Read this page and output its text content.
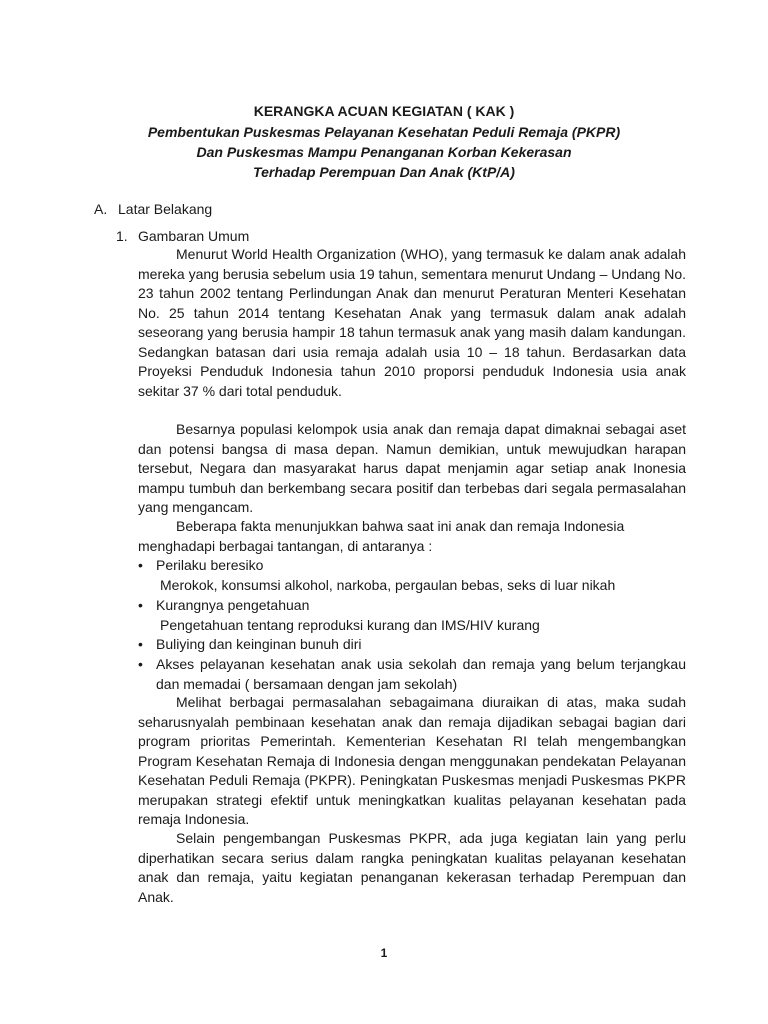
KERANGKA ACUAN KEGIATAN ( KAK )
Pembentukan Puskesmas Pelayanan Kesehatan Peduli Remaja (PKPR)
Dan Puskesmas Mampu Penanganan Korban Kekerasan
Terhadap Perempuan Dan Anak (KtP/A)
A. Latar Belakang
1. Gambaran Umum

Menurut World Health Organization (WHO), yang termasuk ke dalam anak adalah mereka yang berusia sebelum usia 19 tahun, sementara menurut Undang – Undang No. 23 tahun 2002 tentang Perlindungan Anak dan menurut Peraturan Menteri Kesehatan No. 25 tahun 2014 tentang Kesehatan Anak yang termasuk dalam anak adalah seseorang yang berusia hampir 18 tahun termasuk anak yang masih dalam kandungan. Sedangkan batasan dari usia remaja adalah usia 10 – 18 tahun. Berdasarkan data Proyeksi Penduduk Indonesia tahun 2010 proporsi penduduk Indonesia usia anak sekitar 37 % dari total penduduk.

Besarnya populasi kelompok usia anak dan remaja dapat dimaknai sebagai aset dan potensi bangsa di masa depan. Namun demikian, untuk mewujudkan harapan tersebut, Negara dan masyarakat harus dapat menjamin agar setiap anak Inonesia mampu tumbuh dan berkembang secara positif dan terbebas dari segala permasalahan yang mengancam.

Beberapa fakta menunjukkan bahwa saat ini anak dan remaja Indonesia menghadapi berbagai tantangan, di antaranya :

• Perilaku beresiko
Merokok, konsumsi alkohol, narkoba, pergaulan bebas, seks di luar nikah
• Kurangnya pengetahuan
Pengetahuan tentang reproduksi kurang dan IMS/HIV kurang
• Buliying dan keinginan bunuh diri
• Akses pelayanan kesehatan anak usia sekolah dan remaja yang belum terjangkau dan memadai ( bersamaan dengan jam sekolah)

Melihat berbagai permasalahan sebagaimana diuraikan di atas, maka sudah seharusnyalah pembinaan kesehatan anak dan remaja dijadikan sebagai bagian dari program prioritas Pemerintah. Kementerian Kesehatan RI telah mengembangkan Program Kesehatan Remaja di Indonesia dengan menggunakan pendekatan Pelayanan Kesehatan Peduli Remaja (PKPR). Peningkatan Puskesmas menjadi Puskesmas PKPR merupakan strategi efektif untuk meningkatkan kualitas pelayanan kesehatan pada remaja Indonesia.

Selain pengembangan Puskesmas PKPR, ada juga kegiatan lain yang perlu diperhatikan secara serius dalam rangka peningkatan kualitas pelayanan kesehatan anak dan remaja, yaitu kegiatan penanganan kekerasan terhadap Perempuan dan Anak.

1
